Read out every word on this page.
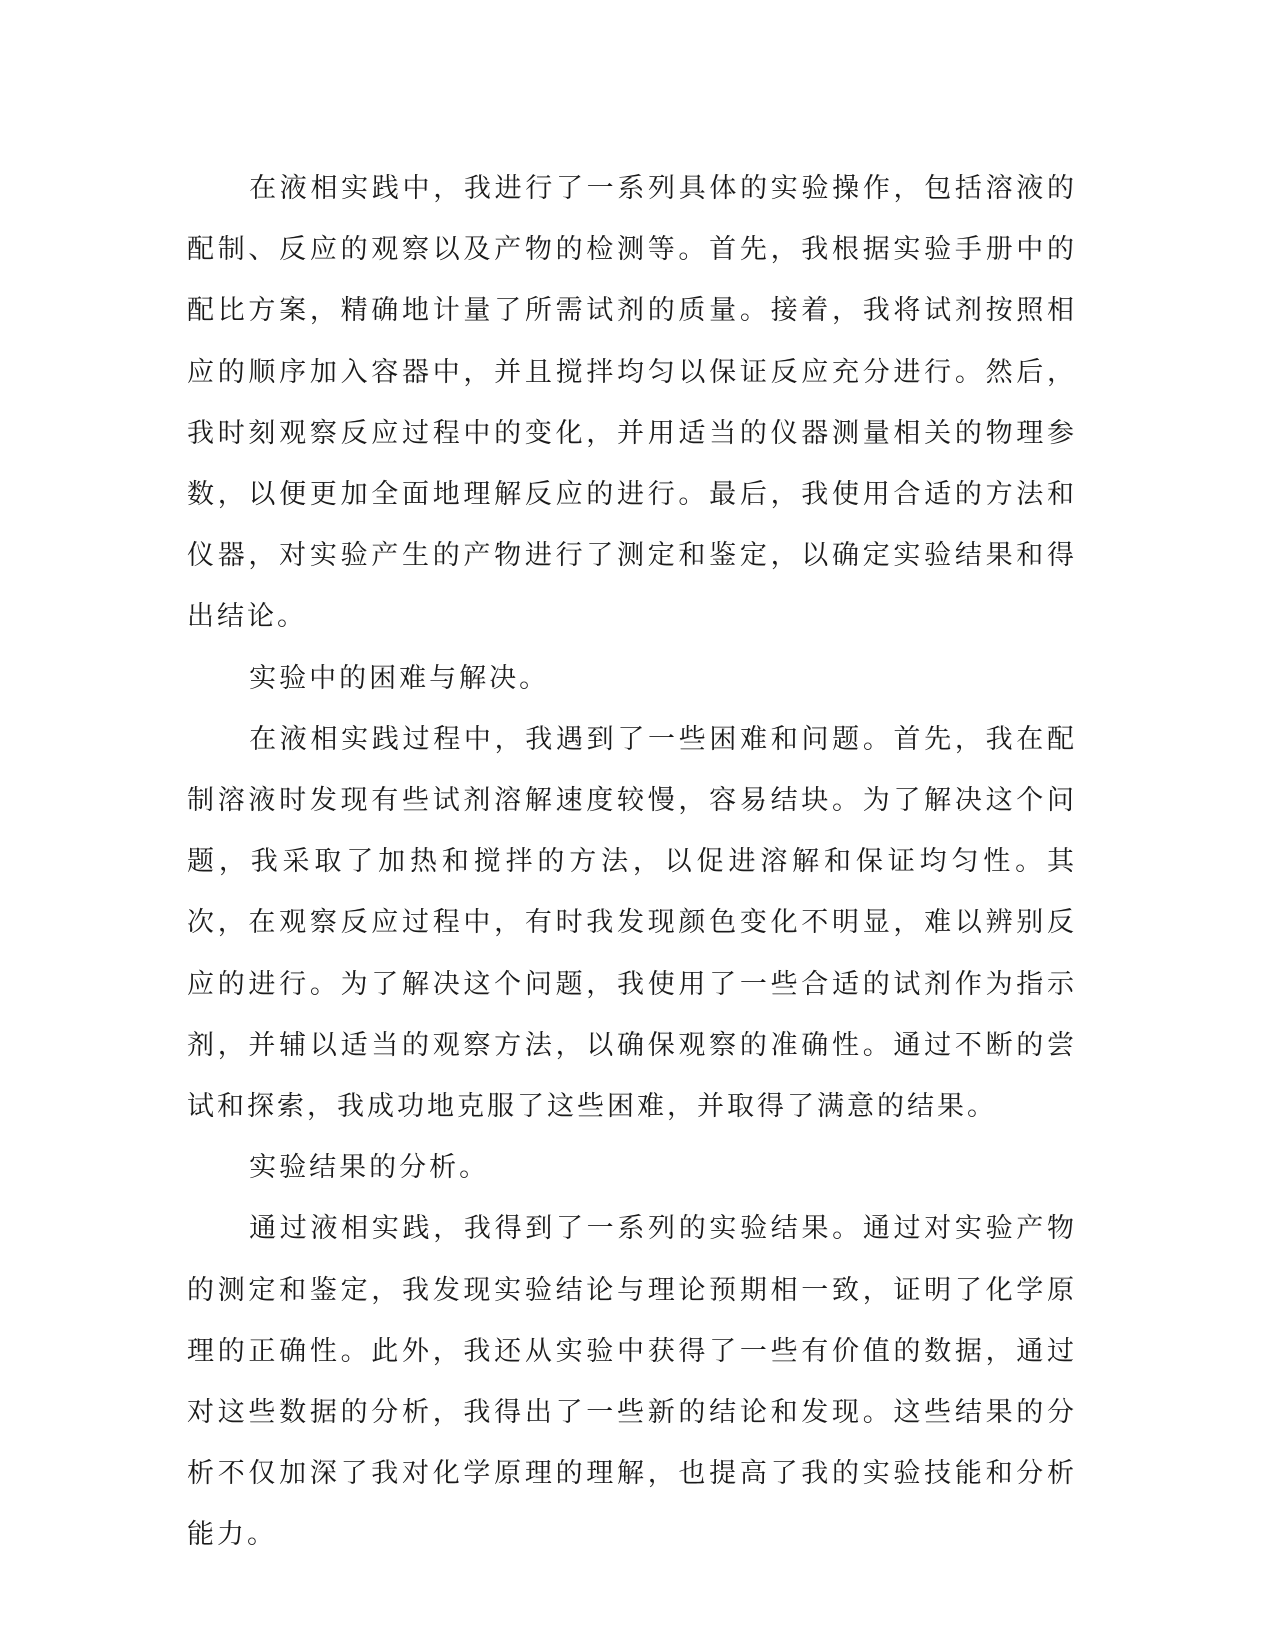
在液相实践中，我进行了一系列具体的实验操作，包括溶液的配制、反应的观察以及产物的检测等。首先，我根据实验手册中的配比方案，精确地计量了所需试剂的质量。接着，我将试剂按照相应的顺序加入容器中，并且搅拌均匀以保证反应充分进行。然后，我时刻观察反应过程中的变化，并用适当的仪器测量相关的物理参数，以便更加全面地理解反应的进行。最后，我使用合适的方法和仪器，对实验产生的产物进行了测定和鉴定，以确定实验结果和得出结论。

实验中的困难与解决。

在液相实践过程中，我遇到了一些困难和问题。首先，我在配制溶液时发现有些试剂溶解速度较慢，容易结块。为了解决这个问题，我采取了加热和搅拌的方法，以促进溶解和保证均匀性。其次，在观察反应过程中，有时我发现颜色变化不明显，难以辨别反应的进行。为了解决这个问题，我使用了一些合适的试剂作为指示剂，并辅以适当的观察方法，以确保观察的准确性。通过不断的尝试和探索，我成功地克服了这些困难，并取得了满意的结果。

实验结果的分析。

通过液相实践，我得到了一系列的实验结果。通过对实验产物的测定和鉴定，我发现实验结论与理论预期相一致，证明了化学原理的正确性。此外，我还从实验中获得了一些有价值的数据，通过对这些数据的分析，我得出了一些新的结论和发现。这些结果的分析不仅加深了我对化学原理的理解，也提高了我的实验技能和分析能力。
